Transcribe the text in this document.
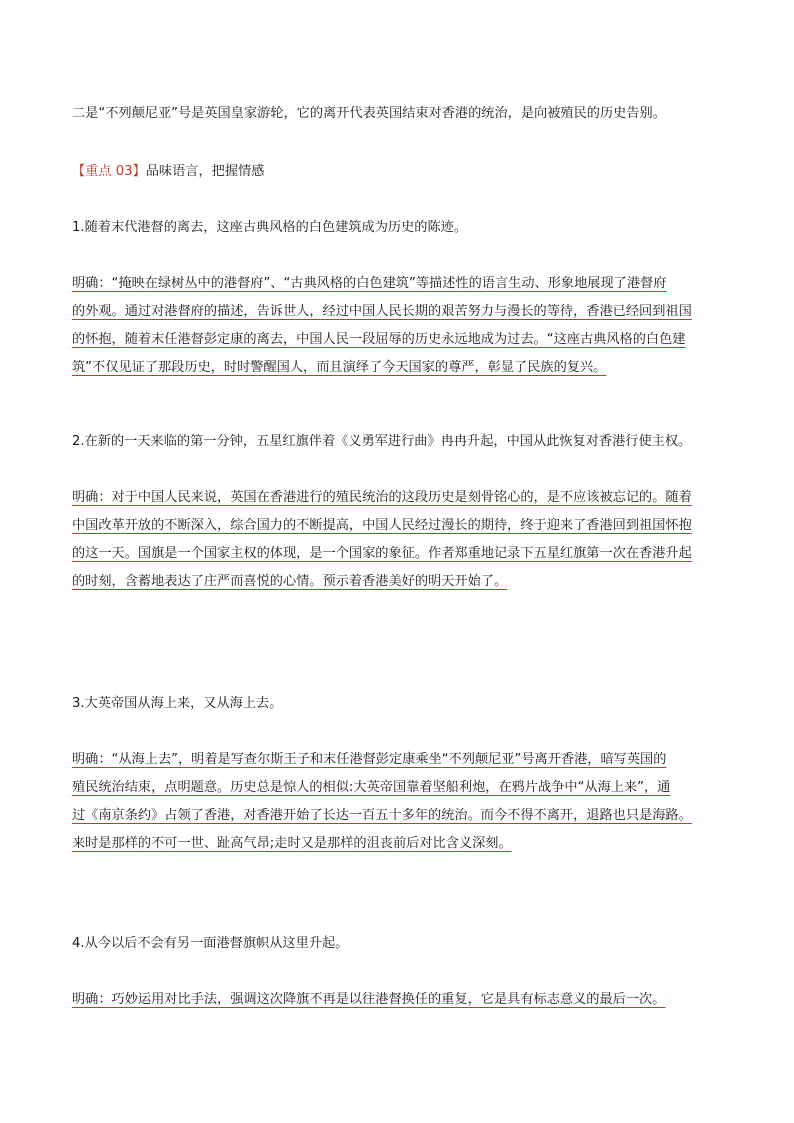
二是“不列颠尼亚”号是英国皇家游轮，它的离开代表英国结束对香港的统治，是向被殖民的历史告别。

【重点 03】品味语言，把握情感

1.随着末代港督的离去，这座古典风格的白色建筑成为历史的陈迹。

明确：“掩映在绿树丛中的港督府”、“古典风格的白色建筑”等描述性的语言生动、形象地展现了港督府
的外观。通过对港督府的描述，告诉世人，经过中国人民长期的艰苦努力与漫长的等待，香港已经回到祖国
的怀抱，随着末任港督彭定康的离去，中国人民一段屈辱的历史永远地成为过去。“这座古典风格的白色建
筑”不仅见证了那段历史，时时警醒国人，而且演绎了今天国家的尊严，彰显了民族的复兴。

2.在新的一天来临的第一分钟，五星红旗伴着《义勇军进行曲》冉冉升起，中国从此恢复对香港行使主权。

明确：对于中国人民来说，英国在香港进行的殖民统治的这段历史是刻骨铭心的，是不应该被忘记的。随着
中国改革开放的不断深入，综合国力的不断提高，中国人民经过漫长的期待，终于迎来了香港回到祖国怀抱
的这一天。国旗是一个国家主权的体现，是一个国家的象征。作者郑重地记录下五星红旗第一次在香港升起
的时刻，含蓄地表达了庄严而喜悦的心情。预示着香港美好的明天开始了。

3.大英帝国从海上来，又从海上去。

明确：“从海上去”，明着是写查尔斯王子和末任港督彭定康乘坐“不列颠尼亚”号离开香港，暗写英国的
殖民统治结束，点明题意。历史总是惊人的相似:大英帝国靠着坚船利炮，在鸦片战争中“从海上来”，通
过《南京条约》占领了香港，对香港开始了长达一百五十多年的统治。而今不得不离开，退路也只是海路。
来时是那样的不可一世、趾高气昂;走时又是那样的沮丧前后对比含义深刻。

4.从今以后不会有另一面港督旗帜从这里升起。

明确：巧妙运用对比手法，强调这次降旗不再是以往港督换任的重复，它是具有标志意义的最后一次。
